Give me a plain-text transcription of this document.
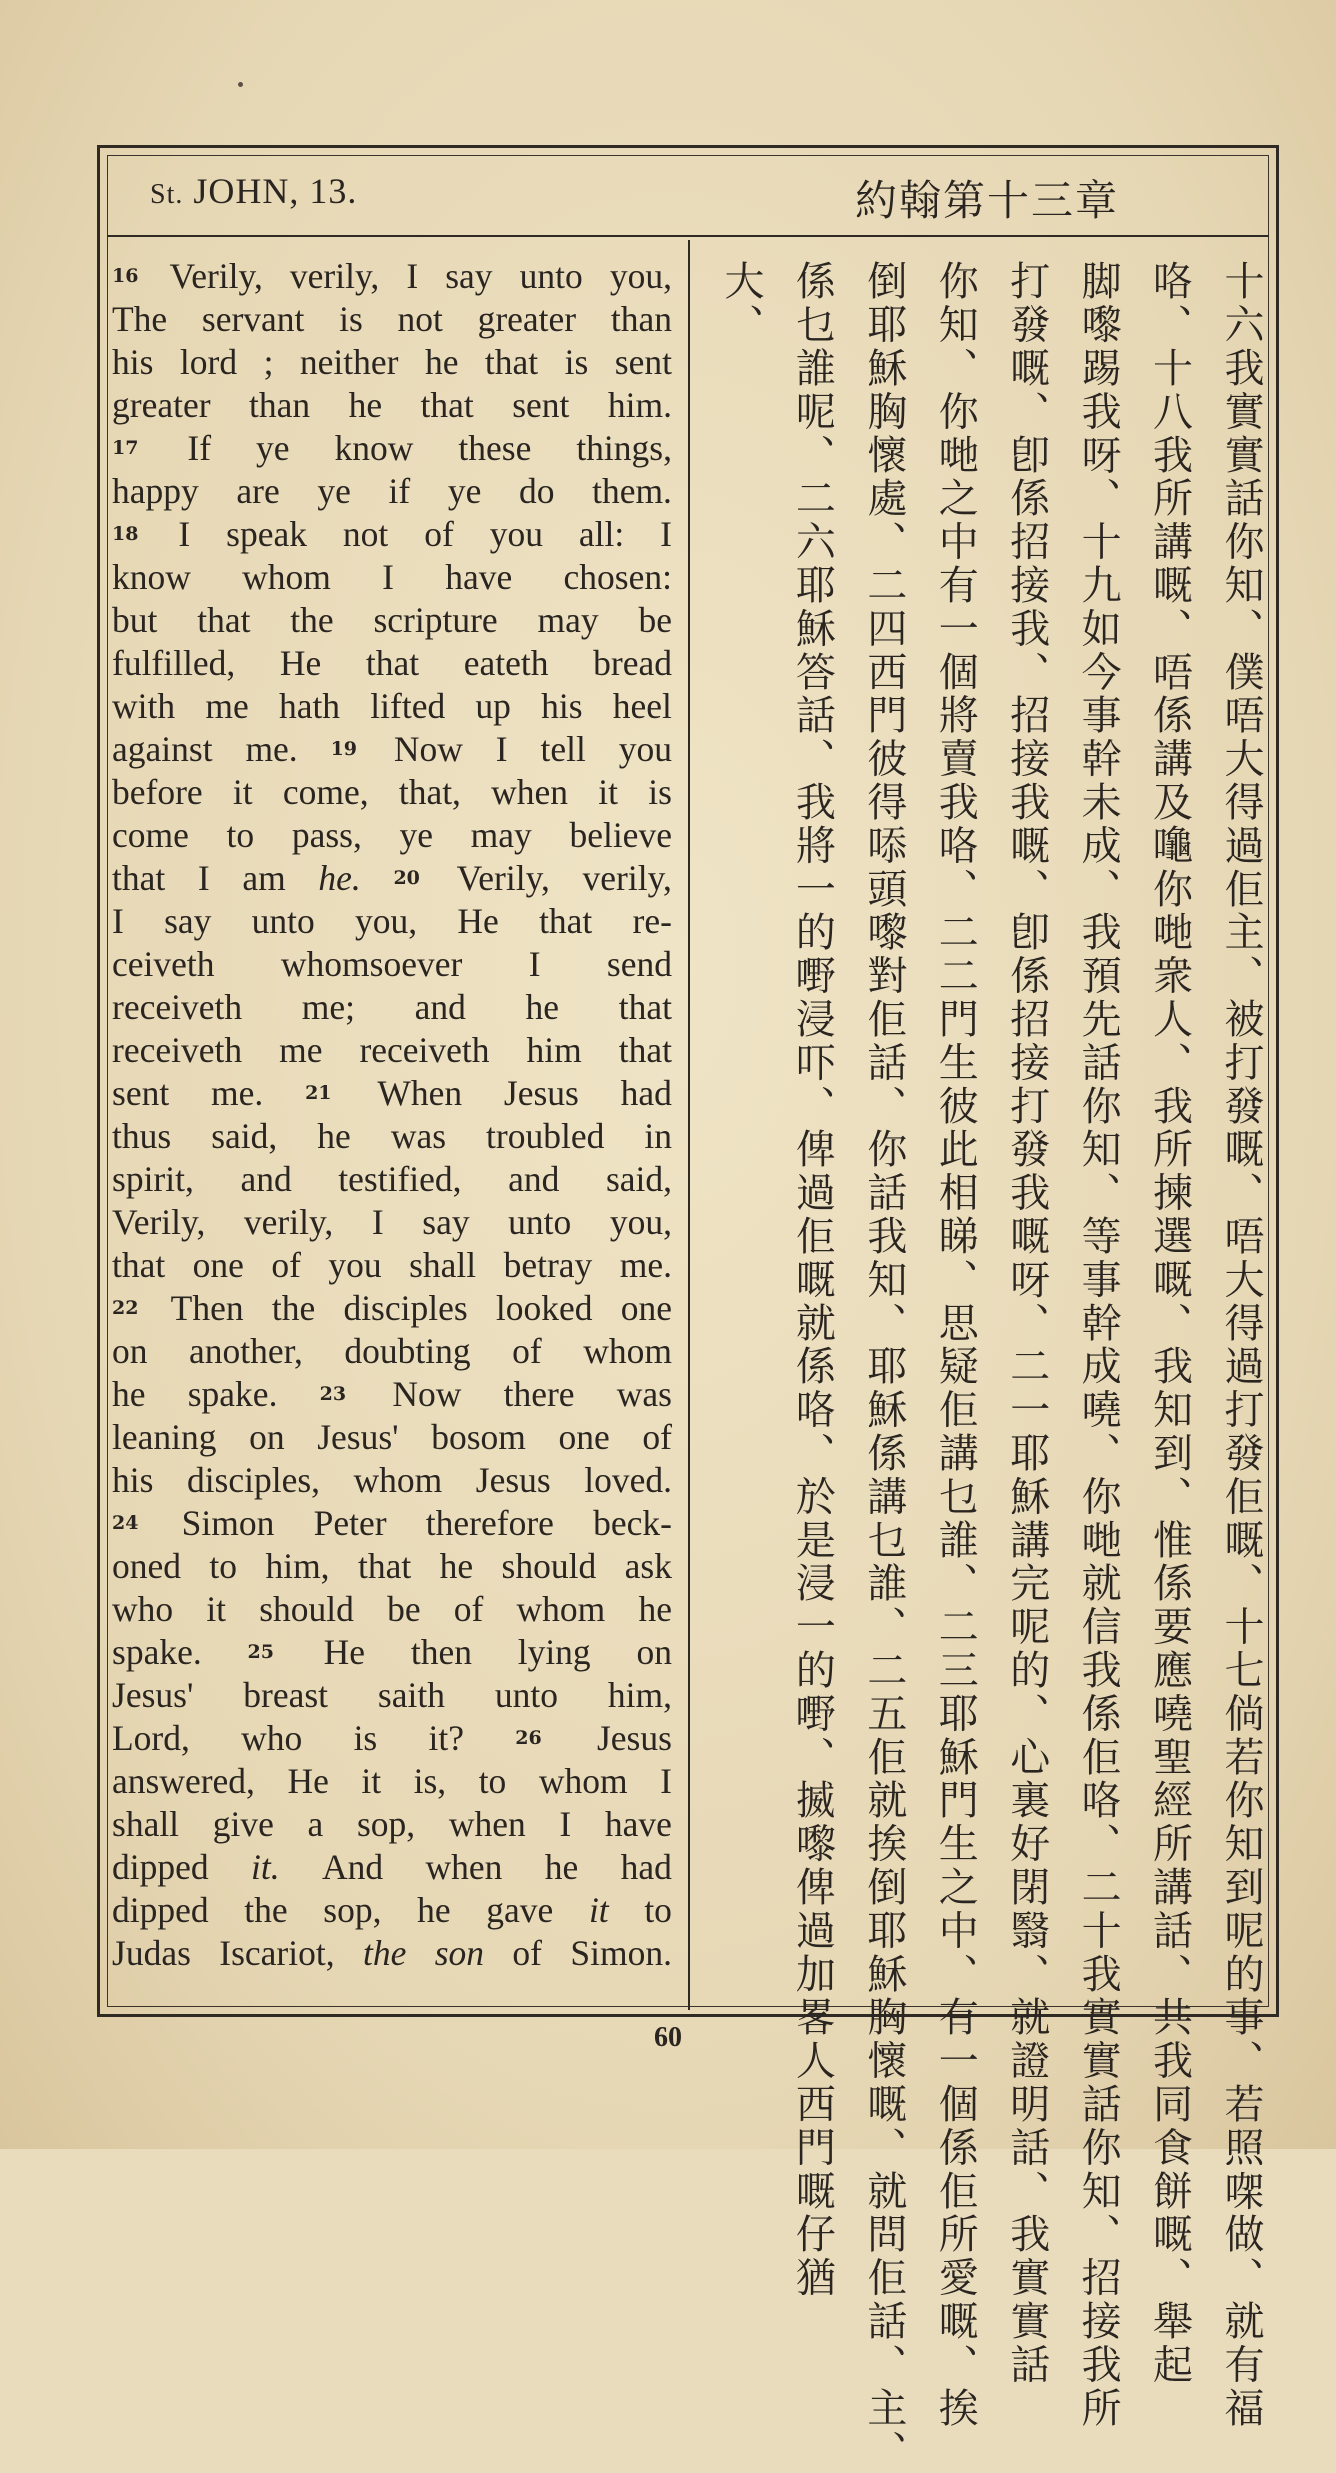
St. JOHN, 13.	約翰第十三章
16 Verily, verily, I say unto you,
The servant is not greater than
his lord ; neither he that is sent
greater than he that sent him.
17 If ye know these things,
happy are ye if ye do them.
18 I speak not of you all: I
know whom I have chosen:
but that the scripture may be
fulfilled, He that eateth bread
with me hath lifted up his heel
against me. 19 Now I tell you
before it come, that, when it is
come to pass, ye may believe
that I am he. 20 Verily, verily,
I say unto you, He that re-
ceiveth whomsoever I send
receiveth me; and he that
receiveth me receiveth him that
sent me. 21 When Jesus had
thus said, he was troubled in
spirit, and testified, and said,
Verily, verily, I say unto you,
that one of you shall betray me.
22 Then the disciples looked one
on another, doubting of whom
he spake. 23 Now there was
leaning on Jesus' bosom one of
his disciples, whom Jesus loved.
24 Simon Peter therefore beck-
oned to him, that he should ask
who it should be of whom he
spake. 25 He then lying on
Jesus' breast saith unto him,
Lord, who is it?	26 Jesus
answered, He it is, to whom I
shall give a sop, when I have
dipped it. And when he had
dipped the sop, he gave it to
Judas Iscariot, the son of Simon.	十六我實實話你知、僕唔大得過佢主、被打發嘅、唔大得過打發佢嘅、十七倘若你知到呢的事、若照㗎做、就有福
咯、十八我所講嘅、唔係講及𪚩你哋衆人、我所揀選嘅、我知到、惟係要應嘵聖經所講話、共我同食餅嘅、舉起
脚嚟踢我呀、十九如今事幹未成、我預先話你知、等事幹成嘵、你哋就信我係佢咯、二十我實實話你知、招接我所
打發嘅、卽係招接我、招接我嘅、卽係招接打發我嘅呀、二一耶穌講完呢的、心裏好閉翳、就證明話、我實實話
你知、你哋之中有一個將賣我咯、二二門生彼此相睇、思疑佢講乜誰、二三耶穌門生之中、有一個係佢所愛嘅、挨
倒耶穌胸懷處、二四西門彼得㖭頭嚟對佢話、你話我知、耶穌係講乜誰、二五佢就挨倒耶穌胸懷嘅、就問佢話、主、
係乜誰呢、二六耶穌答話、我將一的嘢浸吓、俾過佢嘅就係咯、於是浸一的嘢、揻嚟俾過加畧人西門嘅仔猶
大、
60
